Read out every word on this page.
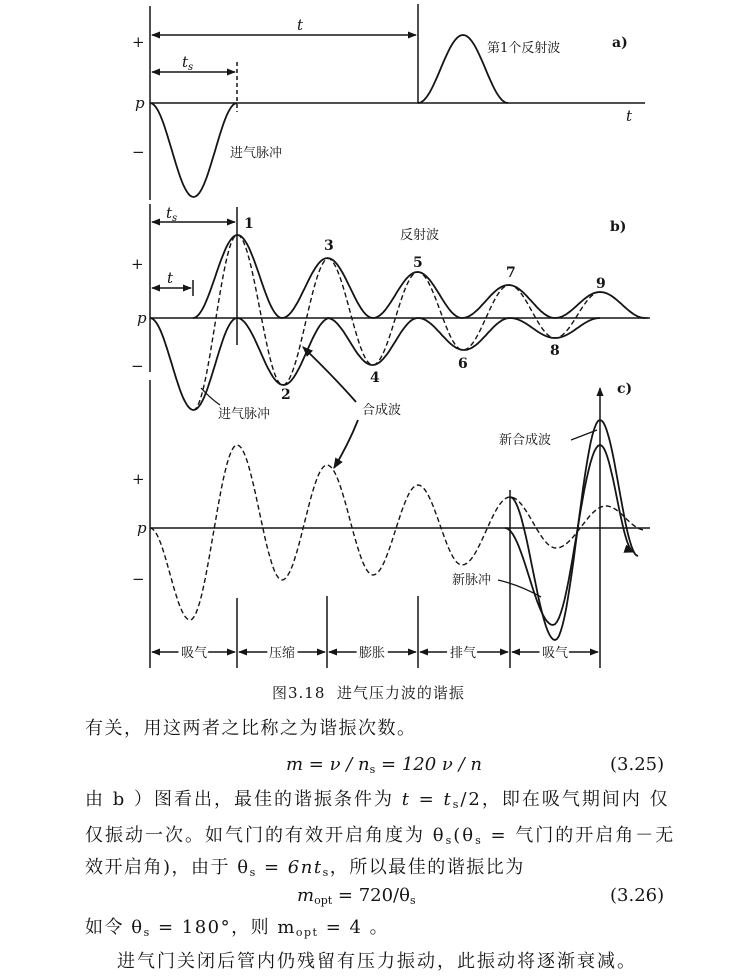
+
p
−
t
$t_s$
t
进气脉冲
第1个反射波	a)
+
p
−
$t_s$
t
反射波
b)
1
2
3
4
5
6
7
8
9
进气脉冲	合成波
+
p
−
c)
新合成波
新脉冲
吸气	压缩	膨胀	排气	吸气
图3.18  进气压力波的谐振
有关，用这两者之比称之为谐振次数。
$m = \nu / n_s = 120$ ν / n	(3.25)
由 b ）图看出，最佳的谐振条件为 $t = t_s/2$，即在吸气期间内 仅
仅振动一次。如气门的有效开启角度为 $\theta_s(\theta_s$ = 气门的开启角－无
效开启角)，由于 $\theta_s = 6nt_s$，所以最佳的谐振比为
$m_{opt} = 720/\theta_s$	(3.26)
如令 $\theta_s = 180^\circ$，则 $m_{opt} = 4$ 。
进气门关闭后管内仍残留有压力振动，此振动将逐渐衰减。
